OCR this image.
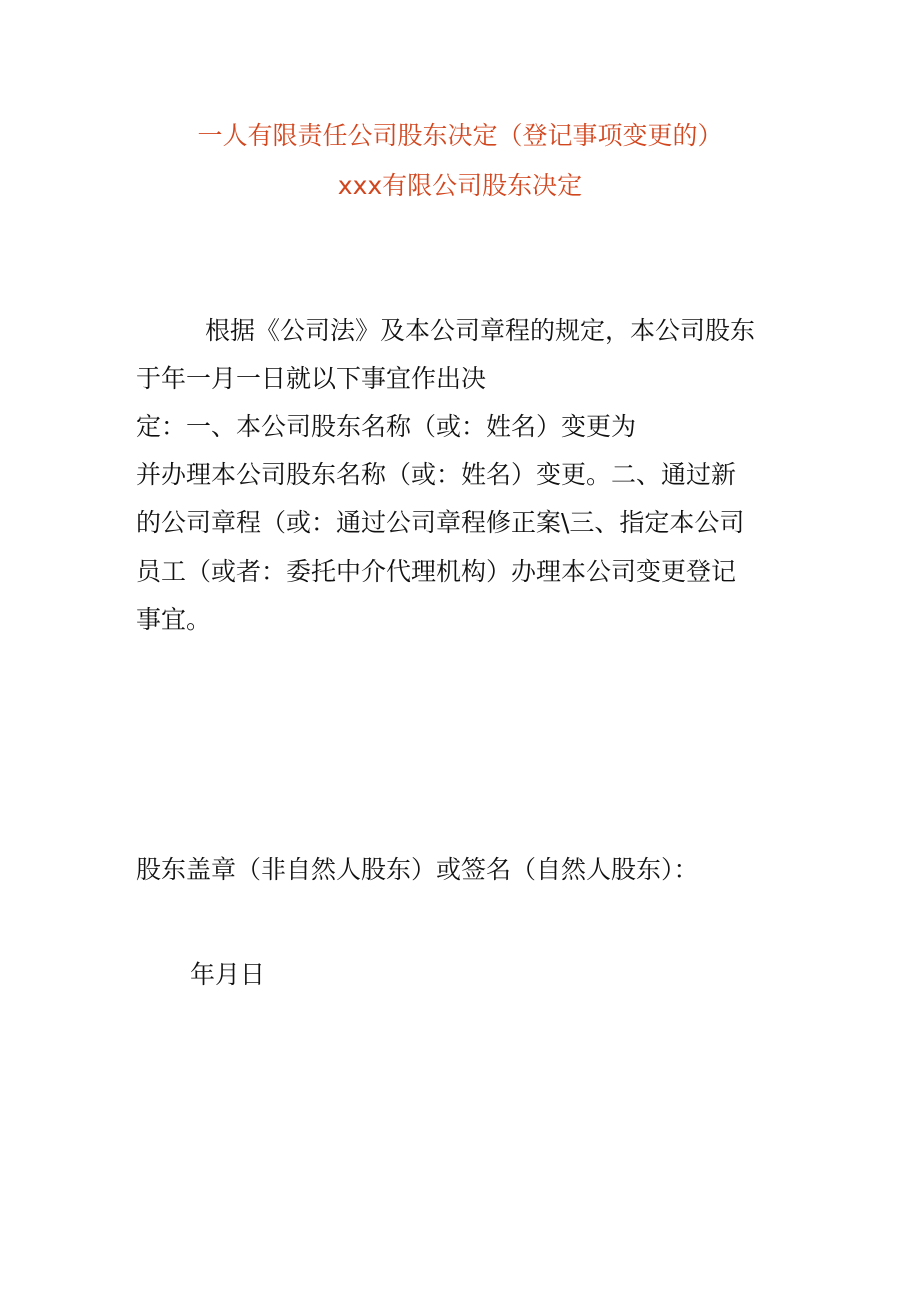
一人有限责任公司股东决定（登记事项变更的）
xxx有限公司股东决定
根据《公司法》及本公司章程的规定，本公司股东
于年一月一日就以下事宜作出决
定：一、本公司股东名称（或：姓名）变更为
并办理本公司股东名称（或：姓名）变更。二、通过新
的公司章程（或：通过公司章程修正案\三、指定本公司
员工（或者：委托中介代理机构）办理本公司变更登记
事宜。
股东盖章（非自然人股东）或签名（自然人股东）：
年月日
